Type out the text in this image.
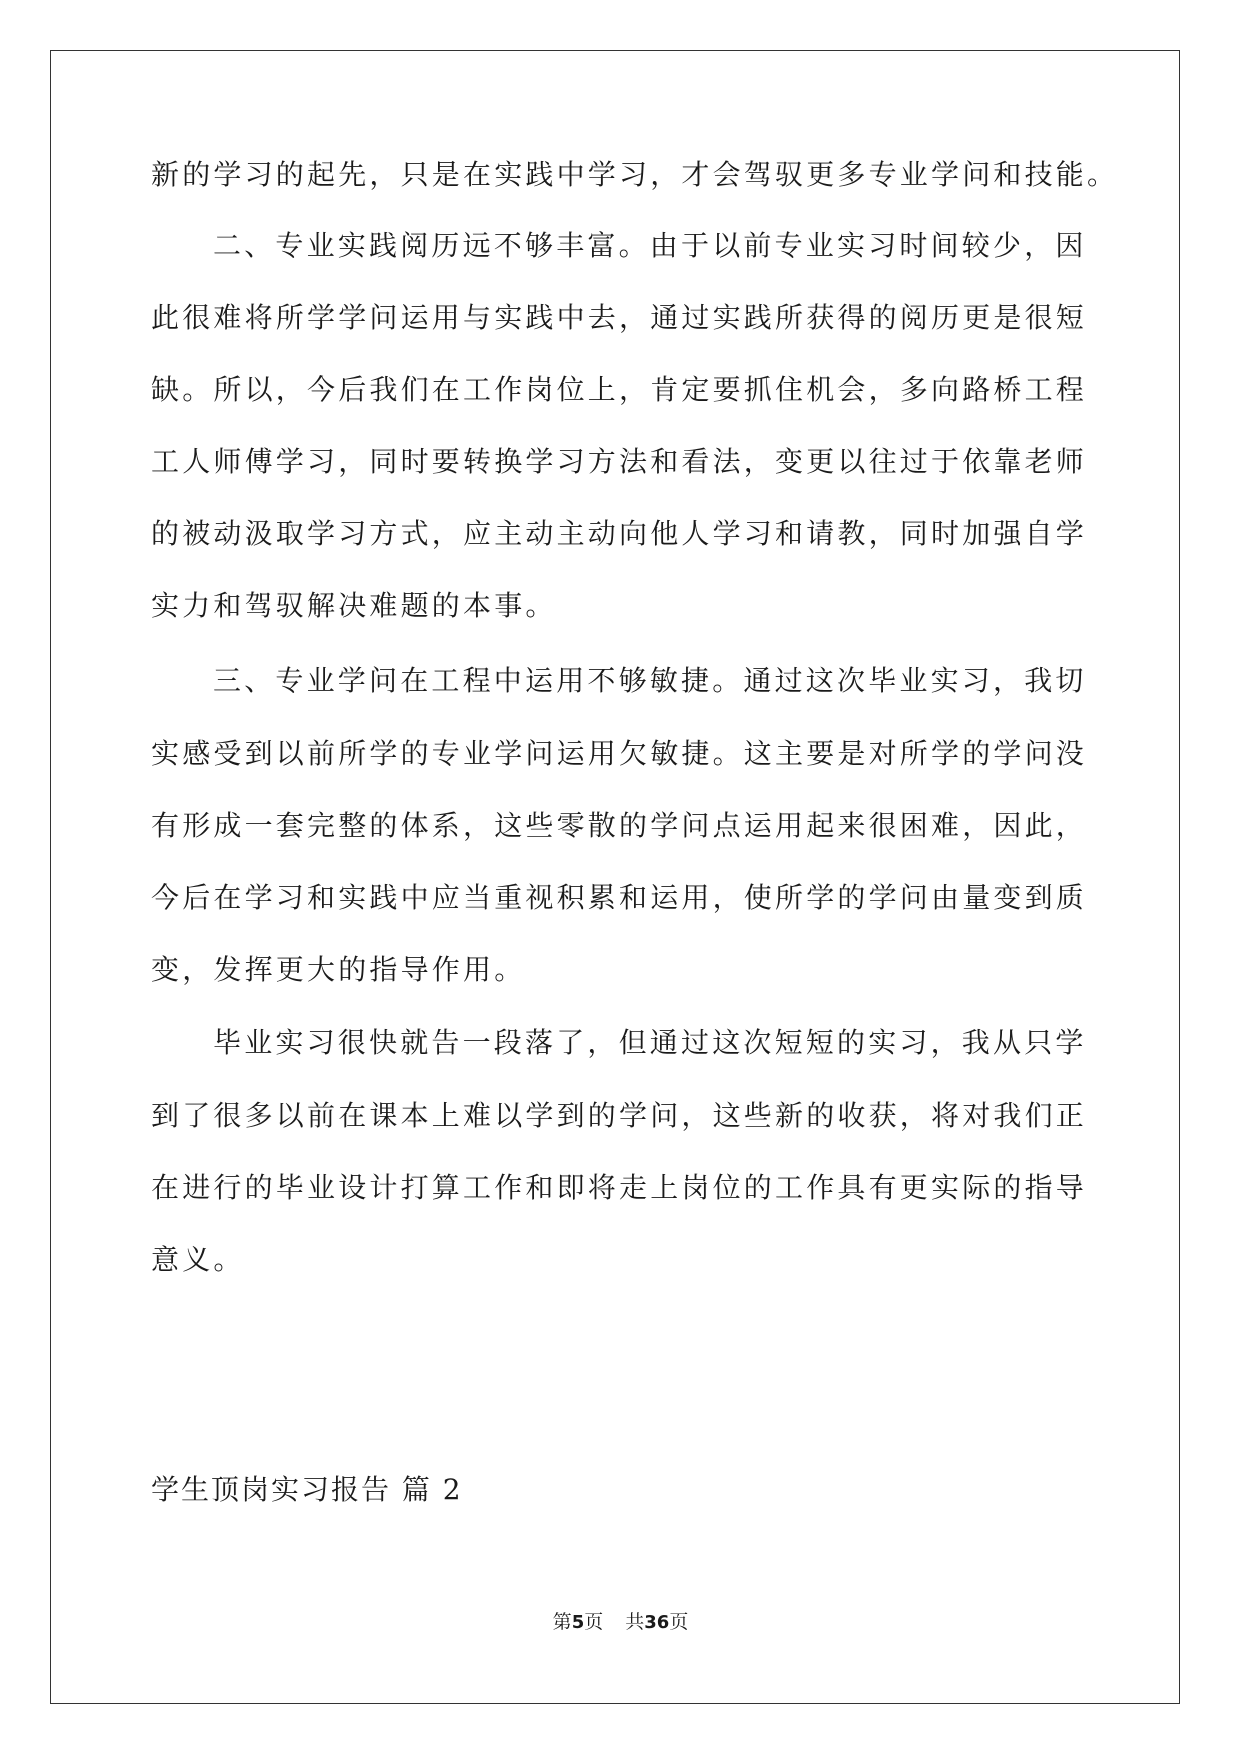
新的学习的起先，只是在实践中学习，才会驾驭更多专业学问和技能。
二、专业实践阅历远不够丰富。由于以前专业实习时间较少，因
此很难将所学学问运用与实践中去，通过实践所获得的阅历更是很短
缺。所以，今后我们在工作岗位上，肯定要抓住机会，多向路桥工程
工人师傅学习，同时要转换学习方法和看法，变更以往过于依靠老师
的被动汲取学习方式，应主动主动向他人学习和请教，同时加强自学
实力和驾驭解决难题的本事。
三、专业学问在工程中运用不够敏捷。通过这次毕业实习，我切
实感受到以前所学的专业学问运用欠敏捷。这主要是对所学的学问没
有形成一套完整的体系，这些零散的学问点运用起来很困难，因此，
今后在学习和实践中应当重视积累和运用，使所学的学问由量变到质
变，发挥更大的指导作用。
毕业实习很快就告一段落了，但通过这次短短的实习，我从只学
到了很多以前在课本上难以学到的学问，这些新的收获，将对我们正
在进行的毕业设计打算工作和即将走上岗位的工作具有更实际的指导
意义。
学生顶岗实习报告 篇 2
第5页 共36页
